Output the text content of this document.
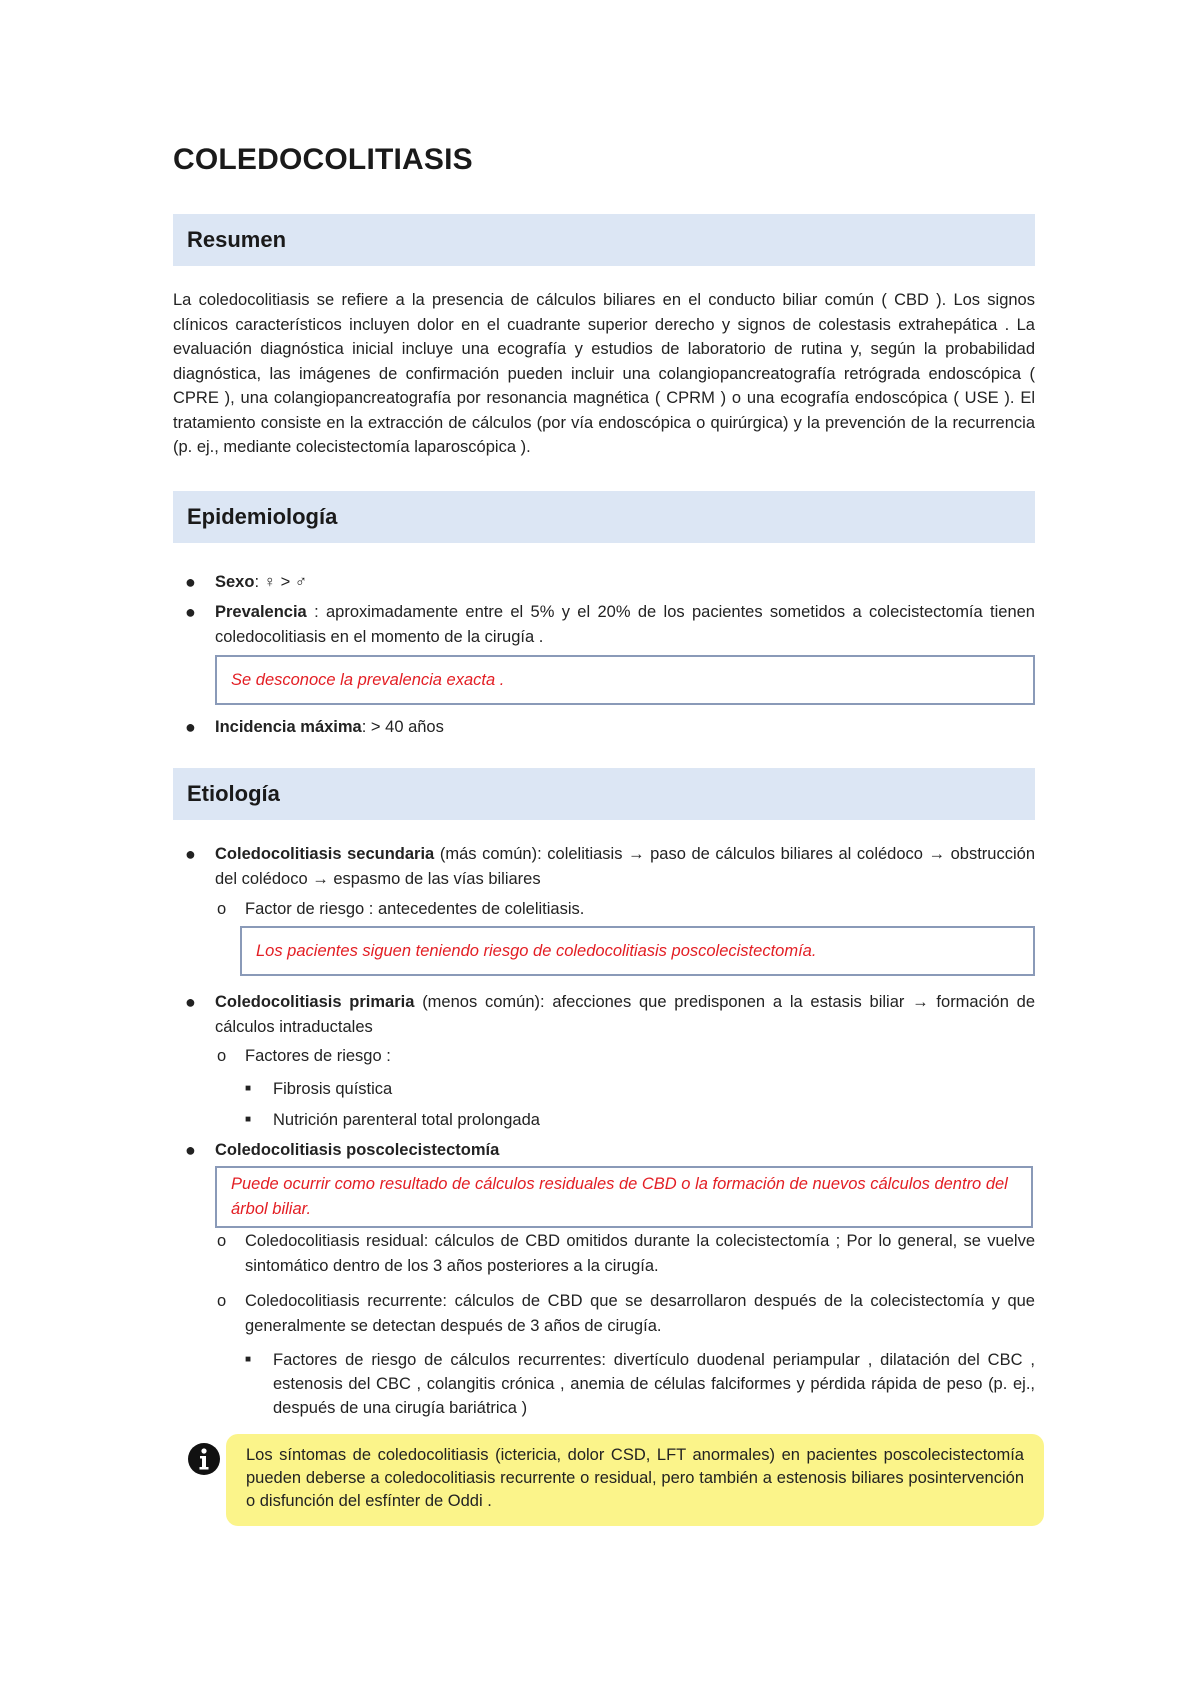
COLEDOCOLITIASIS
Resumen

La coledocolitiasis se refiere a la presencia de cálculos biliares en el conducto biliar común ( CBD ). Los signos clínicos característicos incluyen dolor en el cuadrante superior derecho y signos de colestasis extrahepática . La evaluación diagnóstica inicial incluye una ecografía y estudios de laboratorio de rutina y, según la probabilidad diagnóstica, las imágenes de confirmación pueden incluir una colangiopancreatografía retrógrada endoscópica ( CPRE ), una colangiopancreatografía por resonancia magnética ( CPRM ) o una ecografía endoscópica ( USE ). El tratamiento consiste en la extracción de cálculos (por vía endoscópica o quirúrgica) y la prevención de la recurrencia (p. ej., mediante colecistectomía laparoscópica ).

Epidemiología
● Sexo: ♀ > ♂
● Prevalencia : aproximadamente entre el 5% y el 20% de los pacientes sometidos a colecistectomía tienen coledocolitiasis en el momento de la cirugía .
Se desconoce la prevalencia exacta .
● Incidencia máxima: > 40 años
Etiología
● Coledocolitiasis secundaria (más común): colelitiasis → paso de cálculos biliares al colédoco → obstrucción del colédoco → espasmo de las vías biliares
o Factor de riesgo : antecedentes de colelitiasis.
Los pacientes siguen teniendo riesgo de coledocolitiasis poscolecistectomía.
● Coledocolitiasis primaria (menos común): afecciones que predisponen a la estasis biliar → formación de cálculos intraductales
o Factores de riesgo :
■ Fibrosis quística
■ Nutrición parenteral total prolongada
● Coledocolitiasis poscolecistectomía
Puede ocurrir como resultado de cálculos residuales de CBD o la formación de nuevos cálculos dentro del árbol biliar.
o Coledocolitiasis residual: cálculos de CBD omitidos durante la colecistectomía ; Por lo general, se vuelve sintomático dentro de los 3 años posteriores a la cirugía.
o Coledocolitiasis recurrente: cálculos de CBD que se desarrollaron después de la colecistectomía y que generalmente se detectan después de 3 años de cirugía.
■ Factores de riesgo de cálculos recurrentes: divertículo duodenal periampular , dilatación del CBC , estenosis del CBC , colangitis crónica , anemia de células falciformes y pérdida rápida de peso (p. ej., después de una cirugía bariátrica )
Los síntomas de coledocolitiasis (ictericia, dolor CSD, LFT anormales) en pacientes poscolecistectomía pueden deberse a coledocolitiasis recurrente o residual, pero también a estenosis biliares posintervención o disfunción del esfínter de Oddi .
